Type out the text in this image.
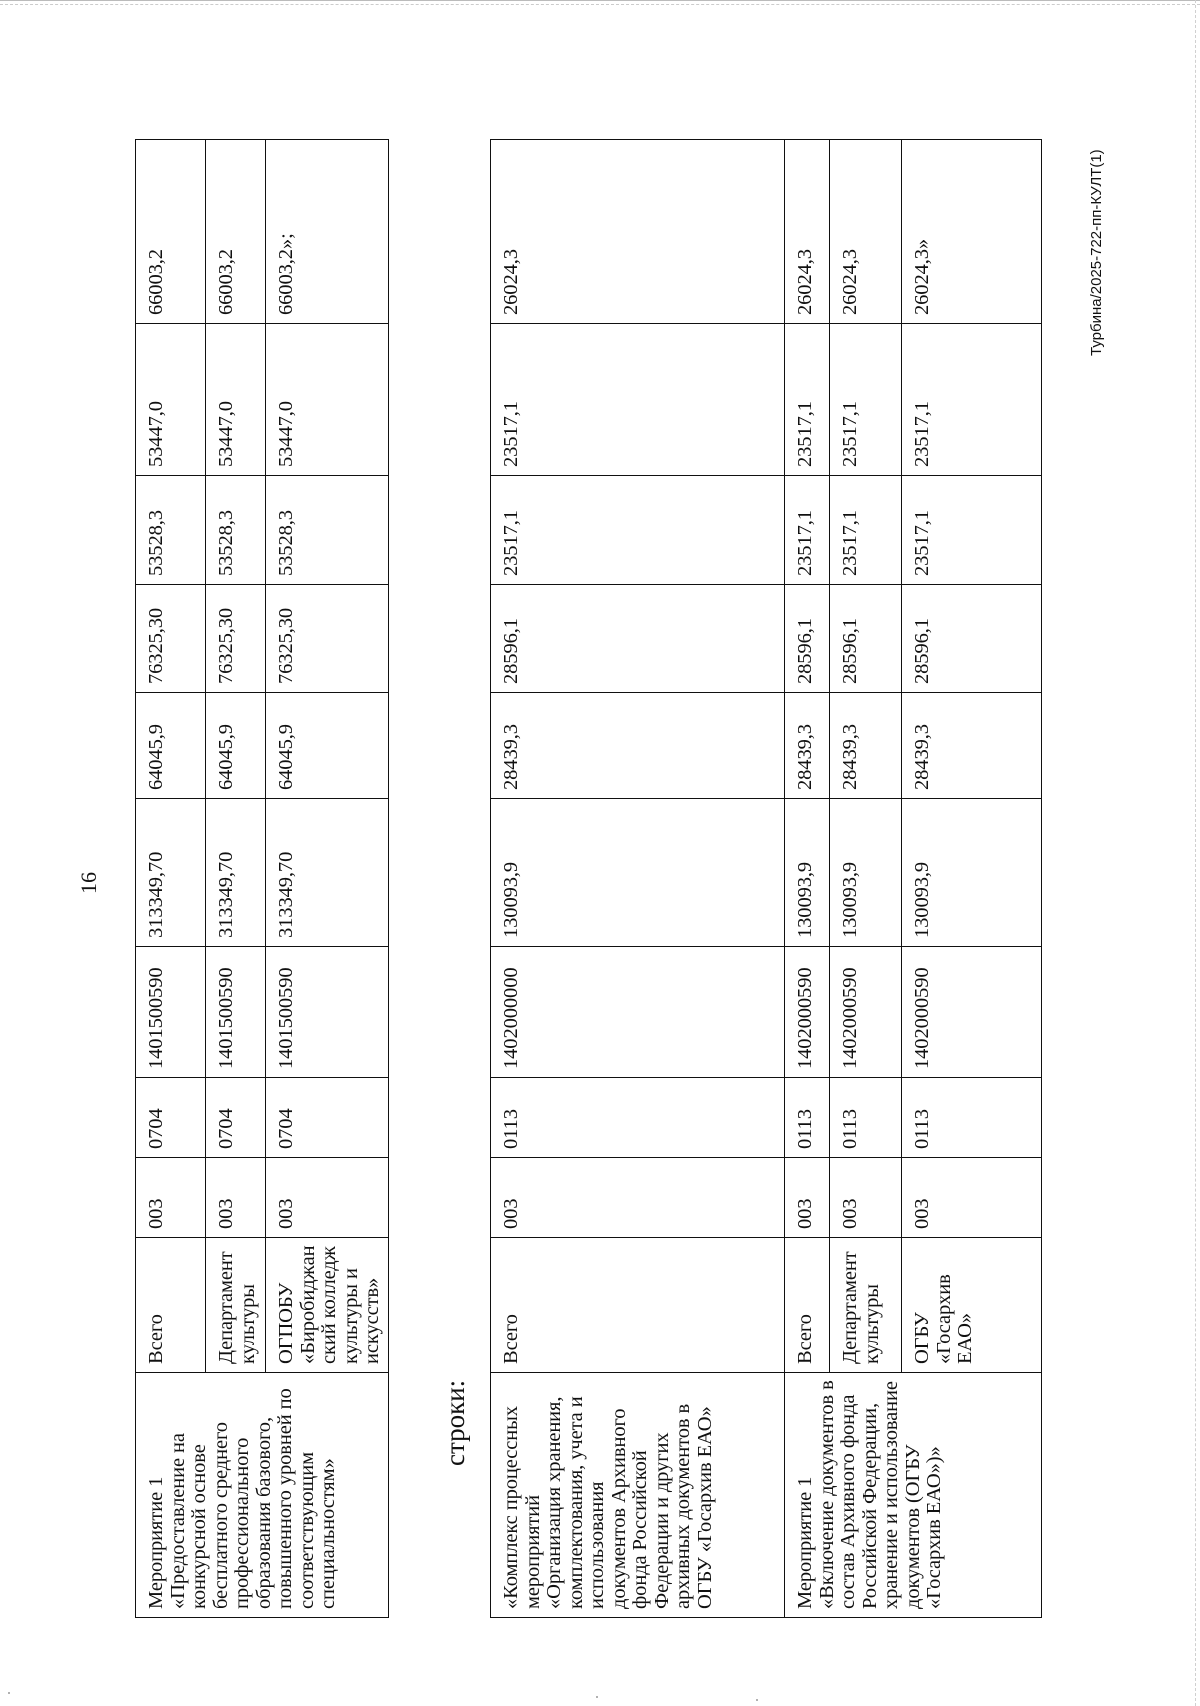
16
Мероприятие 1 «Предоставление на конкурсной основе бесплатного среднего профессионального образования базового, повышенного уровней по соответствующим специальностям»	Всего	003	0704	1401500590	313349,70	64045,9	76325,30	53528,3	53447,0	66003,2
	Департамент культуры	003	0704	1401500590	313349,70	64045,9	76325,30	53528,3	53447,0	66003,2
	ОГПОБУ «Биробиджанский колледж культуры и искусств»	003	0704	1401500590	313349,70	64045,9	76325,30	53528,3	53447,0	66003,2»;
строки: «Комплекс процессных мероприятий «Организация хранения, комплектования, учета и использования документов Архивного фонда Российской Федерации и других архивных документов в ОГБУ «Госархив ЕАО»	Всего	003	0113	1402000000	130093,9	28439,3	28596,1	23517,1	23517,1	26024,3
Мероприятие 1 «Включение документов в состав Архивного фонда Российской Федерации, хранение и использование документов (ОГБУ «Госархив ЕАО»)»	Всего	003	0113	1402000590	130093,9	28439,3	28596,1	23517,1	23517,1	26024,3
	Департамент культуры	003	0113	1402000590	130093,9	28439,3	28596,1	23517,1	23517,1	26024,3
	ОГБУ «Госархив ЕАО»	003	0113	1402000590	130093,9	28439,3	28596,1	23517,1	23517,1	26024,3»	Турбина/2025-722-пп-КУЛТ(1)
